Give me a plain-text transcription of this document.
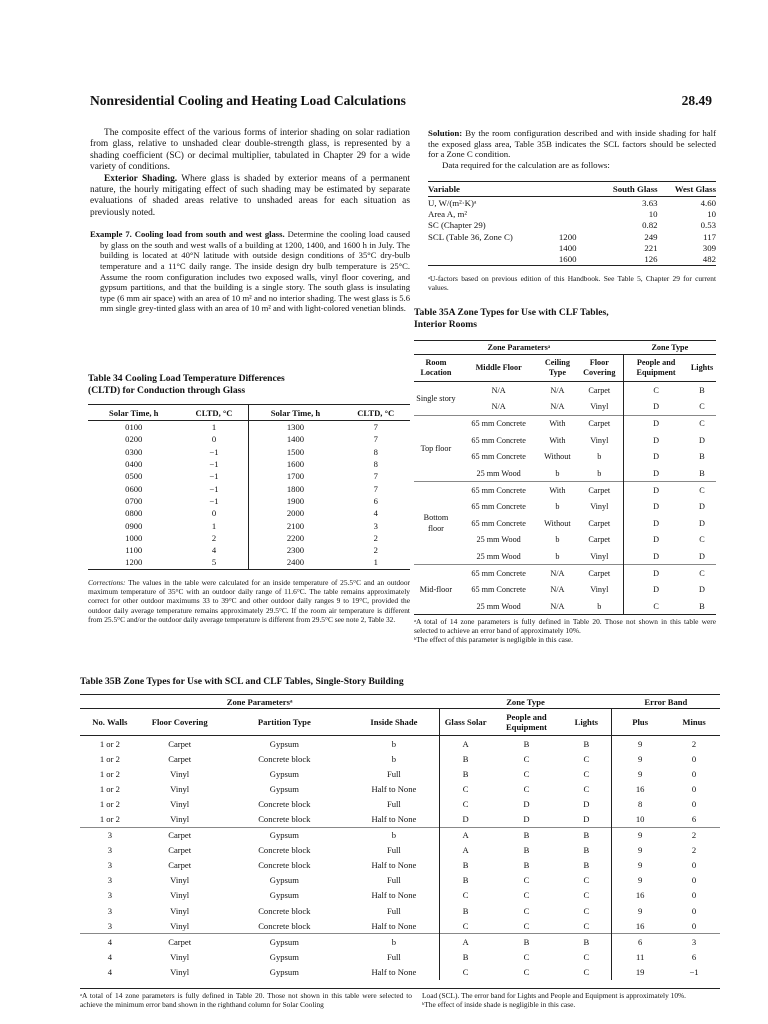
Nonresidential Cooling and Heating Load Calculations	28.49

The composite effect of the various forms of interior shading on solar radiation from glass, relative to unshaded clear double-strength glass, is represented by a shading coefficient (SC) or decimal multiplier, tabulated in Chapter 29 for a wide variety of conditions.

Exterior Shading. Where glass is shaded by exterior means of a permanent nature, the hourly mitigating effect of such shading may be estimated by separate evaluations of shaded areas relative to unshaded areas for each situation as previously noted.

Example 7. Cooling load from south and west glass. Determine the cooling load caused by glass on the south and west walls of a building at 1200, 1400, and 1600 h in July. The building is located at 40°N latitude with outside design conditions of 35°C dry-bulb temperature and a 11°C daily range. The inside design dry bulb temperature is 25°C. Assume the room configuration includes two exposed walls, vinyl floor covering, and gypsum partitions, and that the building is a single story. The south glass is insulating type (6 mm air space) with an area of 10 m² and no interior shading. The west glass is 5.6 mm single grey-tinted glass with an area of 10 m² and with light-colored venetian blinds.

Table 34 Cooling Load Temperature Differences

(CLTD) for Conduction through Glass

Solar Time, h	CLTD, °C	Solar Time, h	CLTD, °C
0100	1	1300	7
0200	0	1400	7
0300	−1	1500	8
0400	−1	1600	8
0500	−1	1700	7
0600	−1	1800	7
0700	−1	1900	6
0800	0	2000	4
0900	1	2100	3
1000	2	2200	2
1100	4	2300	2
1200	5	2400	1

Corrections: The values in the table were calculated for an inside temperature of 25.5°C and an outdoor maximum temperature of 35°C with an outdoor daily range of 11.6°C. The table remains approximately correct for other outdoor maximums 33 to 39°C and other outdoor daily ranges 9 to 19°C, provided the outdoor daily average temperature remains approximately 29.5°C. If the room air temperature is different from 25.5°C and/or the outdoor daily average temperature is different from 29.5°C see note 2, Table 32.

Solution: By the room configuration described and with inside shading for half the exposed glass area, Table 35B indicates the SCL factors should be selected for a Zone C condition.

Data required for the calculation are as follows:

Variable		South Glass	West Glass
U, W/(m²·K)ᵃ		3.63	4.60
Area A, m²		10	10
SC (Chapter 29)		0.82	0.53
SCL (Table 36, Zone C)	1200	249	117
	1400	221	309
	1600	126	482

ᵃU-factors based on previous edition of this Handbook. See Table 5, Chapter 29 for current values.

Table 35A Zone Types for Use with CLF Tables,

Interior Rooms

Zone Parametersᵃ				Zone Type	
Room Location	Middle Floor	Ceiling Type	Floor Covering	People and Equipment	Lights
Single story	N/A	N/A	Carpet	C	B
	N/A	N/A	Vinyl	D	C
Top floor	65 mm Concrete	With	Carpet	D	C
	65 mm Concrete	With	Vinyl	D	D
	65 mm Concrete	Without	b	D	B
	25 mm Wood	b	b	D	B
Bottom floor	65 mm Concrete	With	Carpet	D	C
	65 mm Concrete	b	Vinyl	D	D
	65 mm Concrete	Without	Carpet	D	D
	25 mm Wood	b	Carpet	D	C
	25 mm Wood	b	Vinyl	D	D
Mid-floor	65 mm Concrete	N/A	Carpet	D	C
	65 mm Concrete	N/A	Vinyl	D	D
	25 mm Wood	N/A	b	C	B

ᵃA total of 14 zone parameters is fully defined in Table 20. Those not shown in this table were selected to achieve an error band of approximately 10%.

ᵇThe effect of this parameter is negligible in this case.

Table 35B Zone Types for Use with SCL and CLF Tables, Single-Story Building

Zone Parametersᵃ				Zone Type			Error Band	
No. Walls	Floor Covering	Partition Type	Inside Shade	Glass Solar	People and Equipment	Lights	Plus	Minus
1 or 2	Carpet	Gypsum	b	A	B	B	9	2
1 or 2	Carpet	Concrete block	b	B	C	C	9	0
1 or 2	Vinyl	Gypsum	Full	B	C	C	9	0
1 or 2	Vinyl	Gypsum	Half to None	C	C	C	16	0
1 or 2	Vinyl	Concrete block	Full	C	D	D	8	0
1 or 2	Vinyl	Concrete block	Half to None	D	D	D	10	6
3	Carpet	Gypsum	b	A	B	B	9	2
3	Carpet	Concrete block	Full	A	B	B	9	2
3	Carpet	Concrete block	Half to None	B	B	B	9	0
3	Vinyl	Gypsum	Full	B	C	C	9	0
3	Vinyl	Gypsum	Half to None	C	C	C	16	0
3	Vinyl	Concrete block	Full	B	C	C	9	0
3	Vinyl	Concrete block	Half to None	C	C	C	16	0
4	Carpet	Gypsum	b	A	B	B	6	3
4	Vinyl	Gypsum	Full	B	C	C	11	6
4	Vinyl	Gypsum	Half to None	C	C	C	19	−1

ᵃA total of 14 zone parameters is fully defined in Table 20. Those not shown in this table were selected to achieve the minimum error band shown in the righthand column for Solar Cooling

Load (SCL). The error band for Lights and People and Equipment is approximately 10%.

ᵇThe effect of inside shade is negligible in this case.
